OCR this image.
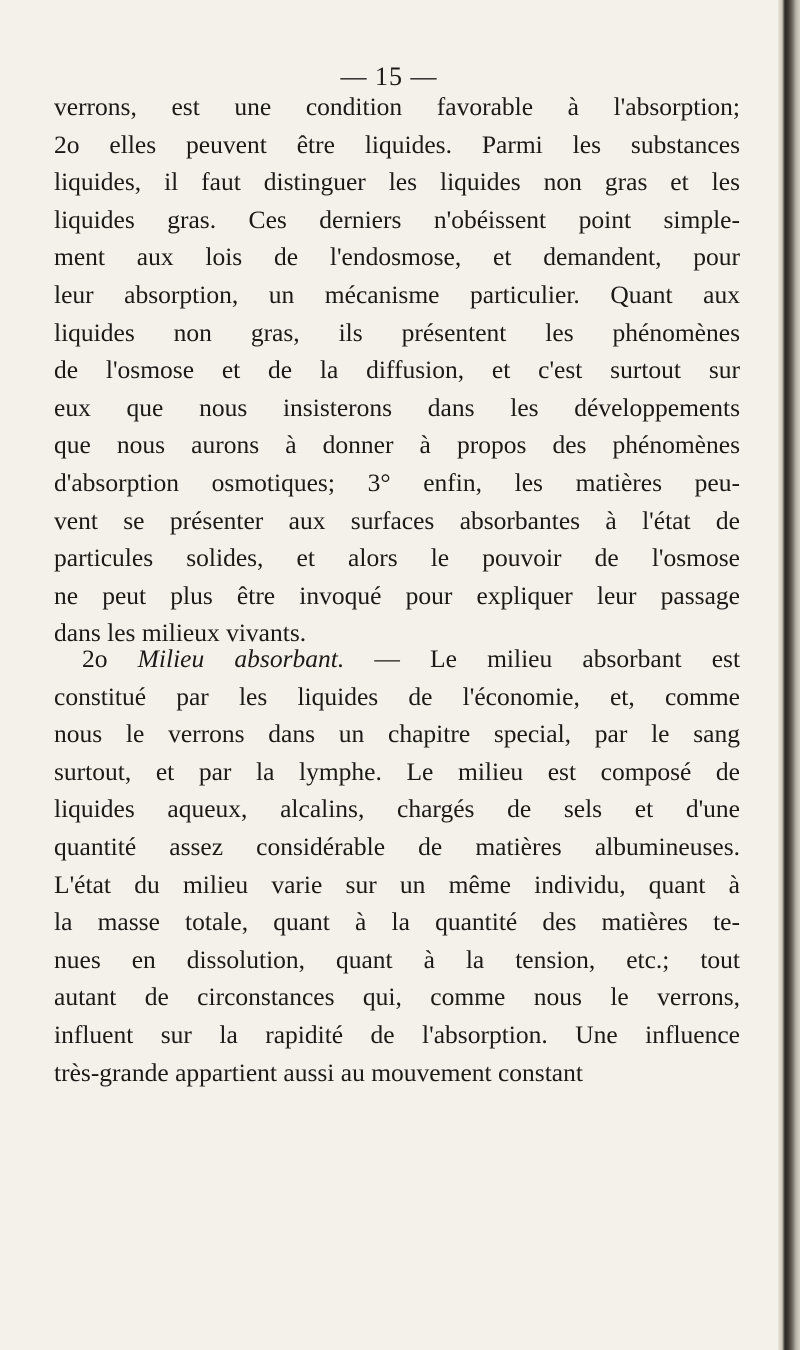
— 15 —
verrons, est une condition favorable à l'absorption;
2o elles peuvent être liquides. Parmi les substances
liquides, il faut distinguer les liquides non gras et les
liquides gras. Ces derniers n'obéissent point simple-
ment aux lois de l'endosmose, et demandent, pour
leur absorption, un mécanisme particulier. Quant aux
liquides non gras, ils présentent les phénomènes
de l'osmose et de la diffusion, et c'est surtout sur
eux que nous insisterons dans les développements
que nous aurons à donner à propos des phénomènes
d'absorption osmotiques; 3° enfin, les matières peu-
vent se présenter aux surfaces absorbantes à l'état de
particules solides, et alors le pouvoir de l'osmose
ne peut plus être invoqué pour expliquer leur passage
dans les milieux vivants.
2o Milieu absorbant. — Le milieu absorbant est
constitué par les liquides de l'économie, et, comme
nous le verrons dans un chapitre special, par le sang
surtout, et par la lymphe. Le milieu est composé de
liquides aqueux, alcalins, chargés de sels et d'une
quantité assez considérable de matières albumineuses.
L'état du milieu varie sur un même individu, quant à
la masse totale, quant à la quantité des matières te-
nues en dissolution, quant à la tension, etc.; tout
autant de circonstances qui, comme nous le verrons,
influent sur la rapidité de l'absorption. Une influence
très-grande appartient aussi au mouvement constant
